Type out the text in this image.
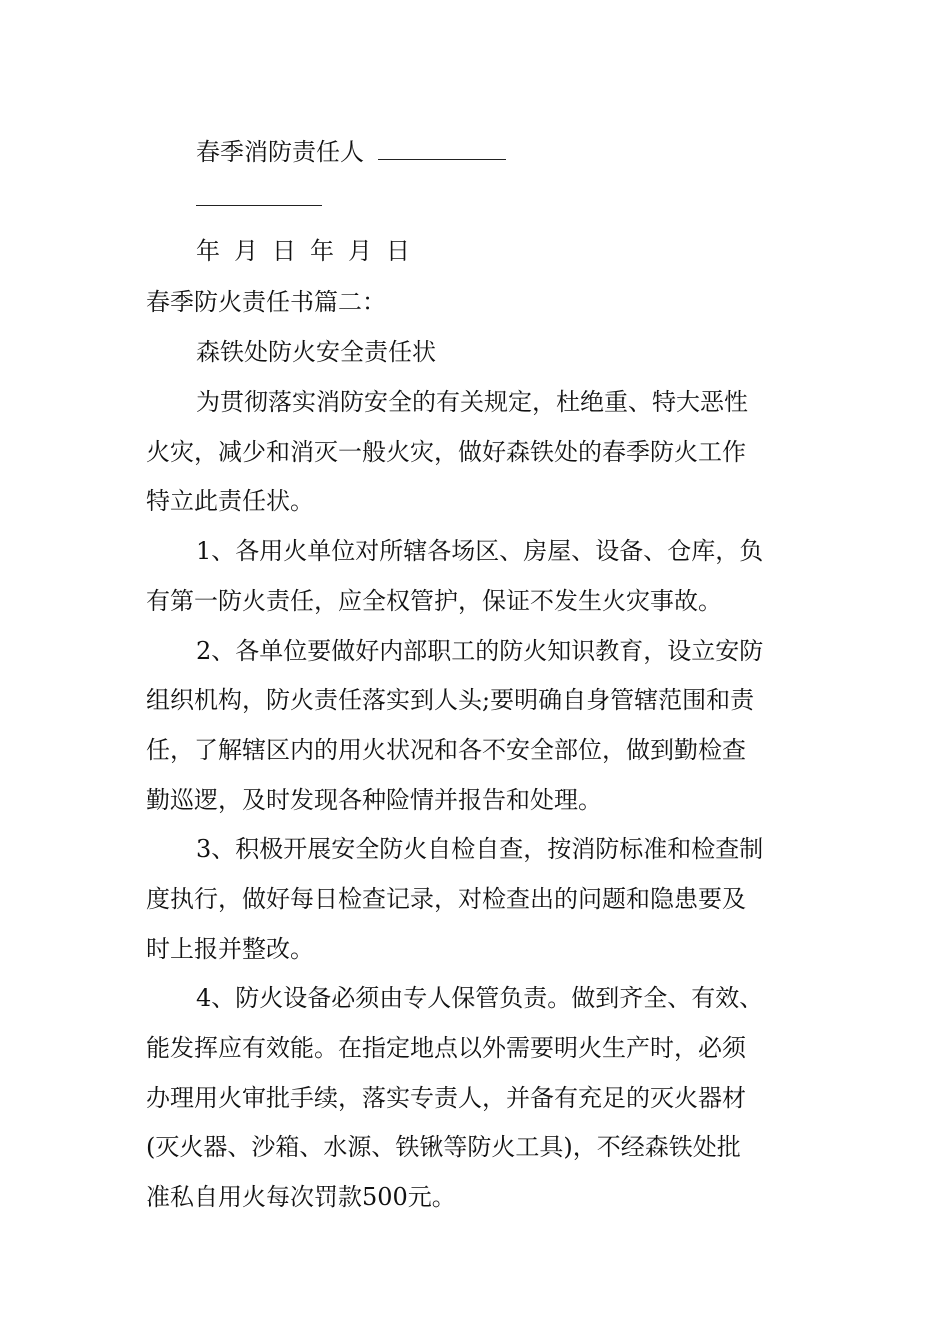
春季消防责任人
年 月 日 年 月 日
春季防火责任书篇二：
森铁处防火安全责任状
为贯彻落实消防安全的有关规定，杜绝重、特大恶性
火灾，减少和消灭一般火灾，做好森铁处的春季防火工作
特立此责任状。
1、各用火单位对所辖各场区、房屋、设备、仓库，负
有第一防火责任，应全权管护，保证不发生火灾事故。
2、各单位要做好内部职工的防火知识教育，设立安防
组织机构，防火责任落实到人头;要明确自身管辖范围和责
任，了解辖区内的用火状况和各不安全部位，做到勤检查
勤巡逻，及时发现各种险情并报告和处理。
3、积极开展安全防火自检自查，按消防标准和检查制
度执行，做好每日检查记录，对检查出的问题和隐患要及
时上报并整改。
4、防火设备必须由专人保管负责。做到齐全、有效、
能发挥应有效能。在指定地点以外需要明火生产时，必须
办理用火审批手续，落实专责人，并备有充足的灭火器材
(灭火器、沙箱、水源、铁锹等防火工具)，不经森铁处批
准私自用火每次罚款500元。
